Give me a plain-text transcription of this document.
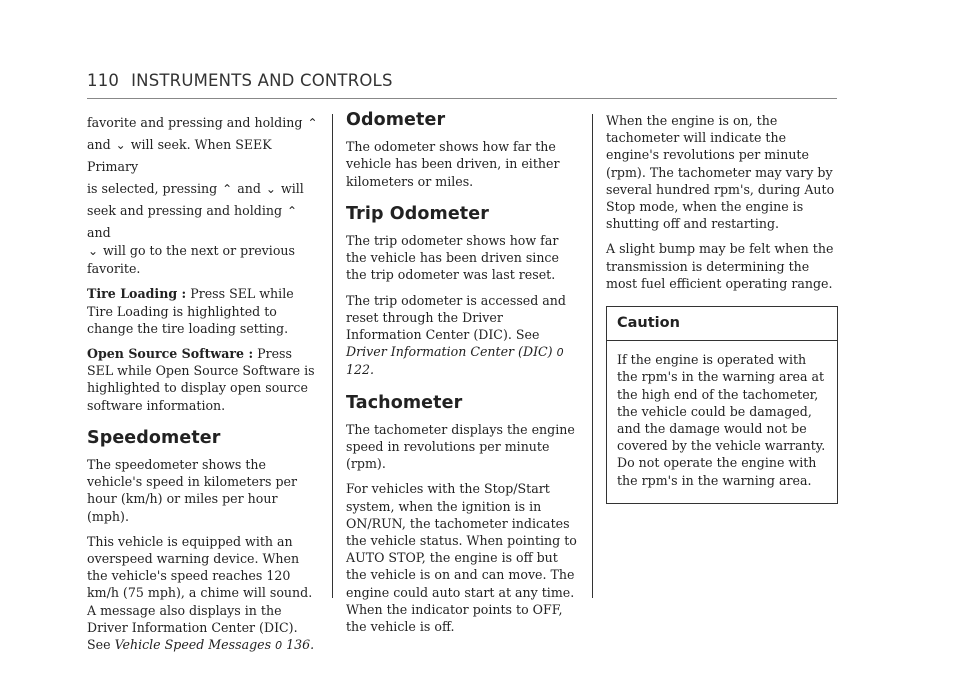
110 INSTRUMENTS AND CONTROLS

favorite and pressing and holding ⌃
and ⌄ will seek. When SEEK Primary
is selected, pressing ⌃ and ⌄ will
seek and pressing and holding ⌃ and

⌄ will go to the next or previous favorite.

Tire Loading : Press SEL while Tire Loading is highlighted to change the tire loading setting.

Open Source Software : Press SEL while Open Source Software is highlighted to display open source software information.

Speedometer

The speedometer shows the vehicle's speed in kilometers per hour (km/h) or miles per hour (mph).

This vehicle is equipped with an overspeed warning device. When the vehicle's speed reaches 120 km/h (75 mph), a chime will sound.
A message also displays in the Driver Information Center (DIC). See Vehicle Speed Messages 0 136.

Odometer

The odometer shows how far the vehicle has been driven, in either kilometers or miles.

Trip Odometer

The trip odometer shows how far the vehicle has been driven since the trip odometer was last reset.

The trip odometer is accessed and reset through the Driver Information Center (DIC). See Driver Information Center (DIC) 0 122.

Tachometer

The tachometer displays the engine speed in revolutions per minute (rpm).

For vehicles with the Stop/Start system, when the ignition is in ON/RUN, the tachometer indicates the vehicle status. When pointing to AUTO STOP, the engine is off but the vehicle is on and can move. The engine could auto start at any time. When the indicator points to OFF, the vehicle is off.

When the engine is on, the tachometer will indicate the engine's revolutions per minute (rpm). The tachometer may vary by several hundred rpm's, during Auto Stop mode, when the engine is shutting off and restarting.

A slight bump may be felt when the transmission is determining the most fuel efficient operating range.

Caution

If the engine is operated with the rpm's in the warning area at the high end of the tachometer, the vehicle could be damaged, and the damage would not be covered by the vehicle warranty. Do not operate the engine with the rpm's in the warning area.
